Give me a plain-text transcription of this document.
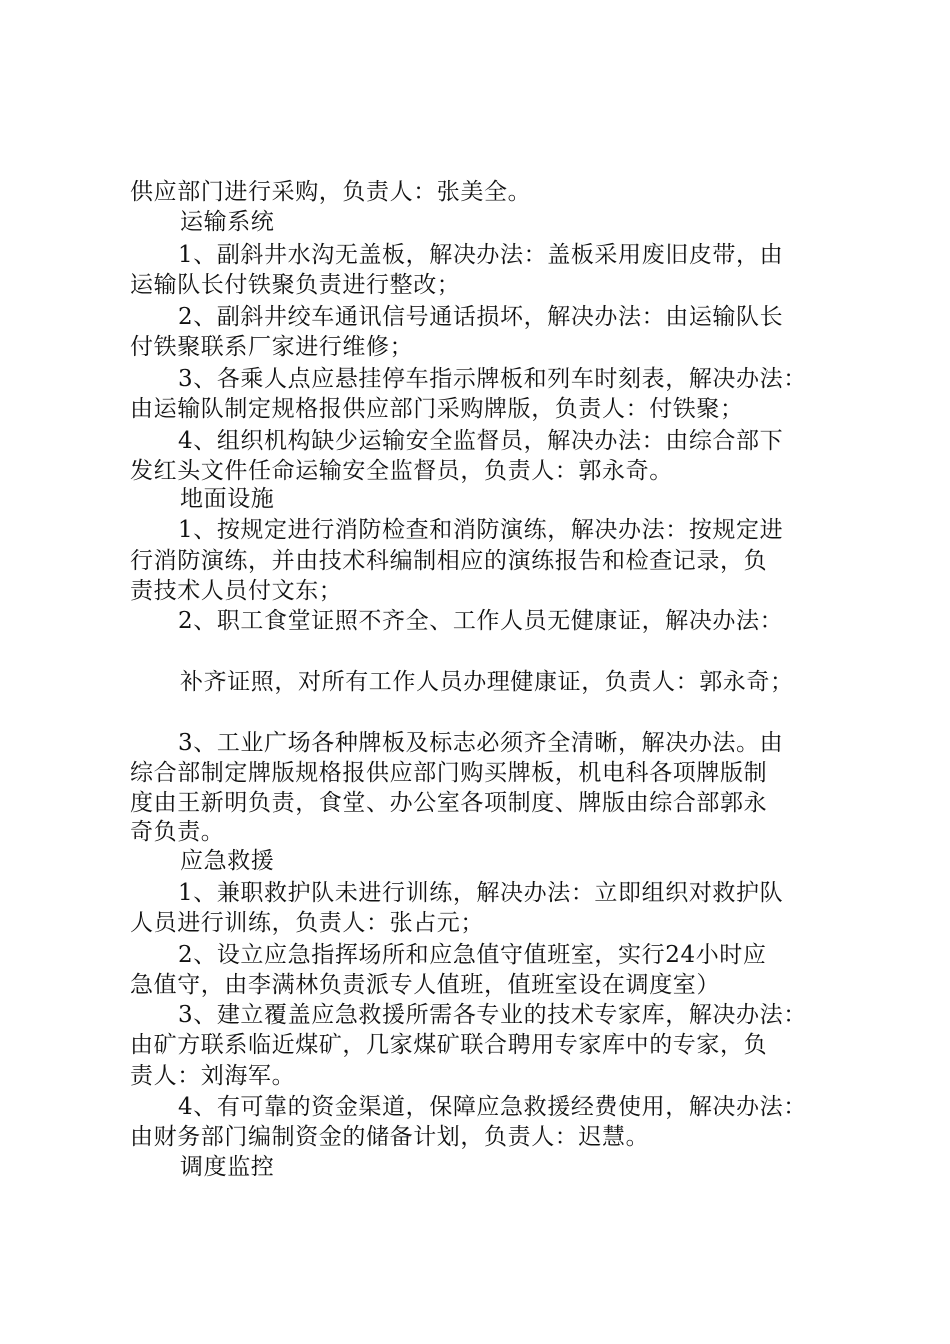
供应部门进行采购，负责人：张美全。
运输系统
1、副斜井水沟无盖板，解决办法：盖板采用废旧皮带，由
运输队长付铁聚负责进行整改；
2、副斜井绞车通讯信号通话损坏，解决办法：由运输队长
付铁聚联系厂家进行维修；
3、各乘人点应悬挂停车指示牌板和列车时刻表，解决办法：
由运输队制定规格报供应部门采购牌版，负责人：付铁聚；
4、组织机构缺少运输安全监督员，解决办法：由综合部下
发红头文件任命运输安全监督员，负责人：郭永奇。
地面设施
1、按规定进行消防检查和消防演练，解决办法：按规定进
行消防演练，并由技术科编制相应的演练报告和检查记录，负
责技术人员付文东；
2、职工食堂证照不齐全、工作人员无健康证，解决办法：
补齐证照，对所有工作人员办理健康证，负责人：郭永奇；
3、工业广场各种牌板及标志必须齐全清晰，解决办法。由
综合部制定牌版规格报供应部门购买牌板，机电科各项牌版制
度由王新明负责，食堂、办公室各项制度、牌版由综合部郭永
奇负责。
应急救援
1、兼职救护队未进行训练，解决办法：立即组织对救护队
人员进行训练，负责人：张占元；
2、设立应急指挥场所和应急值守值班室，实行24小时应
急值守，由李满林负责派专人值班，值班室设在调度室）
3、建立覆盖应急救援所需各专业的技术专家库，解决办法：
由矿方联系临近煤矿，几家煤矿联合聘用专家库中的专家，负
责人：刘海军。
4、有可靠的资金渠道，保障应急救援经费使用，解决办法：
由财务部门编制资金的储备计划，负责人：迟慧。
调度监控
